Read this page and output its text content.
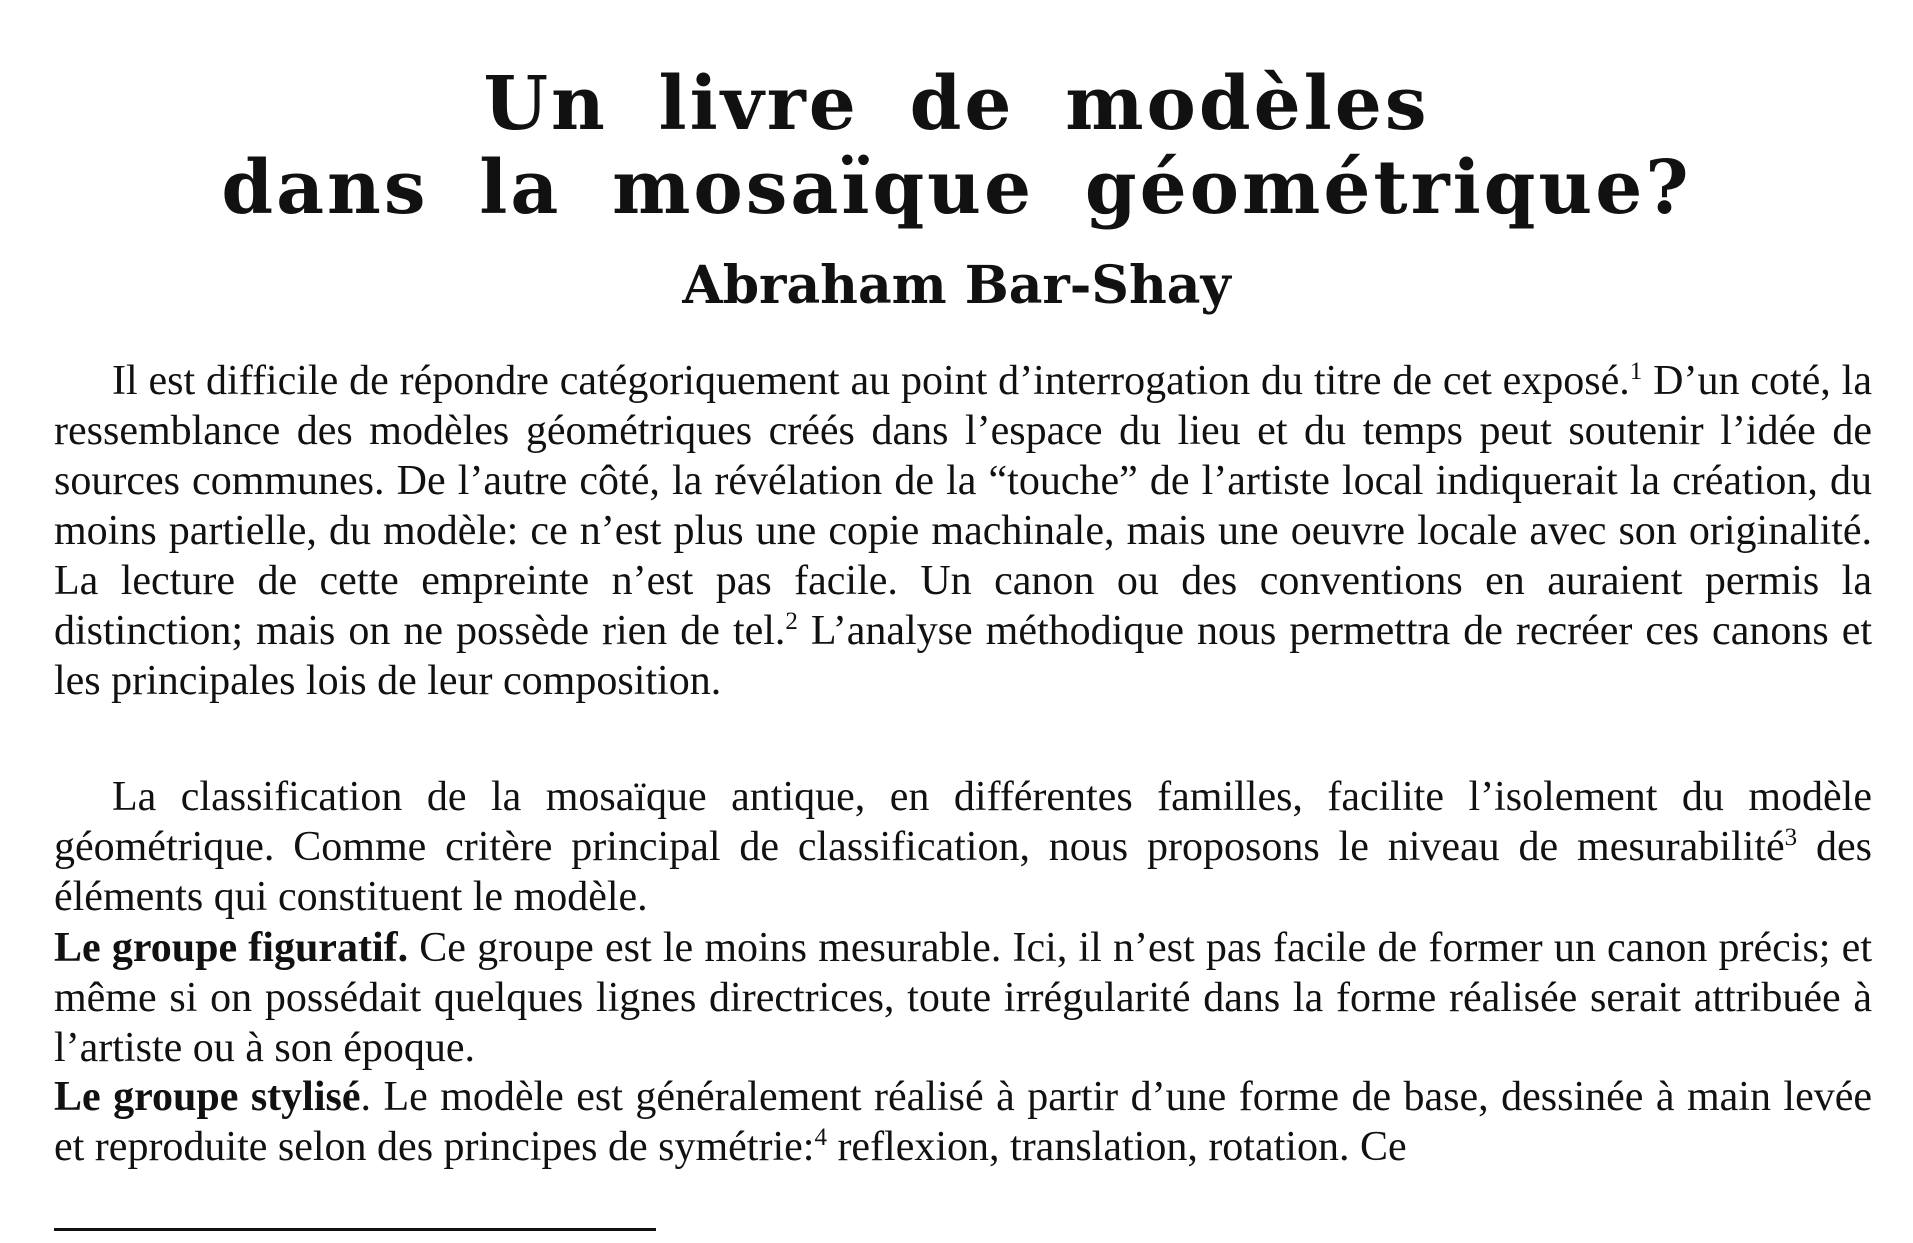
Un livre de modèles
dans la mosaïque géométrique?
Abraham Bar-Shay

Il est difficile de répondre catégoriquement au point d’interrogation du titre de cet exposé.$^1$ D’un coté, la ressemblance des modèles géométriques créés dans l’espace du lieu et du temps peut soutenir l’idée de sources communes. De l’autre côté, la révélation de la “touche” de l’artiste local indiquerait la création, du moins partielle, du modèle: ce n’est plus une copie machinale, mais une oeuvre locale avec son originalité. La lecture de cette empreinte n’est pas facile. Un canon ou des conventions en auraient permis la distinction; mais on ne possède rien de tel.$^2$ L’analyse méthodique nous permettra de recréer ces canons et les principales lois de leur composition.

La classification de la mosaïque antique, en différentes familles, facilite l’isolement du modèle géométrique. Comme critère principal de classification, nous proposons le niveau de mesurabilité$^3$ des éléments qui constituent le modèle.

Le groupe figuratif. Ce groupe est le moins mesurable. Ici, il n’est pas facile de former un canon précis; et même si on possédait quelques lignes directrices, toute irrégularité dans la forme réalisée serait attribuée à l’artiste ou à son époque.

Le groupe stylisé. Le modèle est généralement réalisé à partir d’une forme de base, dessinée à main levée et reproduite selon des principes de symétrie:$^4$ reflexion, translation, rotation. Ce
